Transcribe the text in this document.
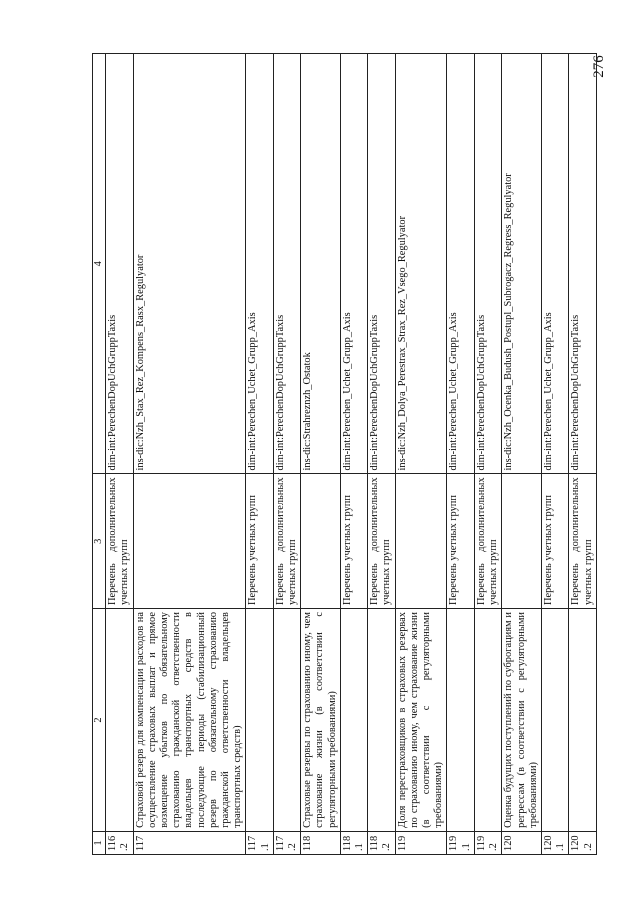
276
1	2	3	4
116.2		Перечень дополнительных учетных групп	dim-int:PerechenDopUchGruppTaxis
117	Страховой резерв для компенсации расходов на осуществление страховых выплат и прямое возмещение убытков по обязательному страхованию гражданской ответственности владельцев транспортных средств в последующие периоды (стабилизационный резерв по обязательному страхованию гражданской ответственности владельцев транспортных средств)		ins-dic:Nzh_Stax_Rez_Kompens_Rasx_Regulyator
117.1		Перечень учетных групп	dim-int:Perechen_Uchet_Grupp_Axis
117.2		Перечень дополнительных учетных групп	dim-int:PerechenDopUchGruppTaxis
118	Страховые резервы по страхованию иному, чем страхование жизни (в соответствии с регуляторными требованиями)		ins-dic:Strahreznzh_Ostatok
118.1		Перечень учетных групп	dim-int:Perechen_Uchet_Grupp_Axis
118.2		Перечень дополнительных учетных групп	dim-int:PerechenDopUchGruppTaxis
119	Доля перестраховщиков в страховых резервах по страхованию иному, чем страхование жизни (в соответствии с регуляторными требованиями)		ins-dic:Nzh_Dolya_Perestrax_Strax_Rez_Vsego_Regulyator
119.1		Перечень учетных групп	dim-int:Perechen_Uchet_Grupp_Axis
119.2		Перечень дополнительных учетных групп	dim-int:PerechenDopUchGruppTaxis
120	Оценка будущих поступлений по суброгациям и регрессам (в соответствии с регуляторными требованиями)		ins-dic:Nzh_Ocenka_Budush_Postupl_Subrogacz_Regress_Regulyator
120.1		Перечень учетных групп	dim-int:Perechen_Uchet_Grupp_Axis
120.2		Перечень дополнительных учетных групп	dim-int:PerechenDopUchGruppTaxis
